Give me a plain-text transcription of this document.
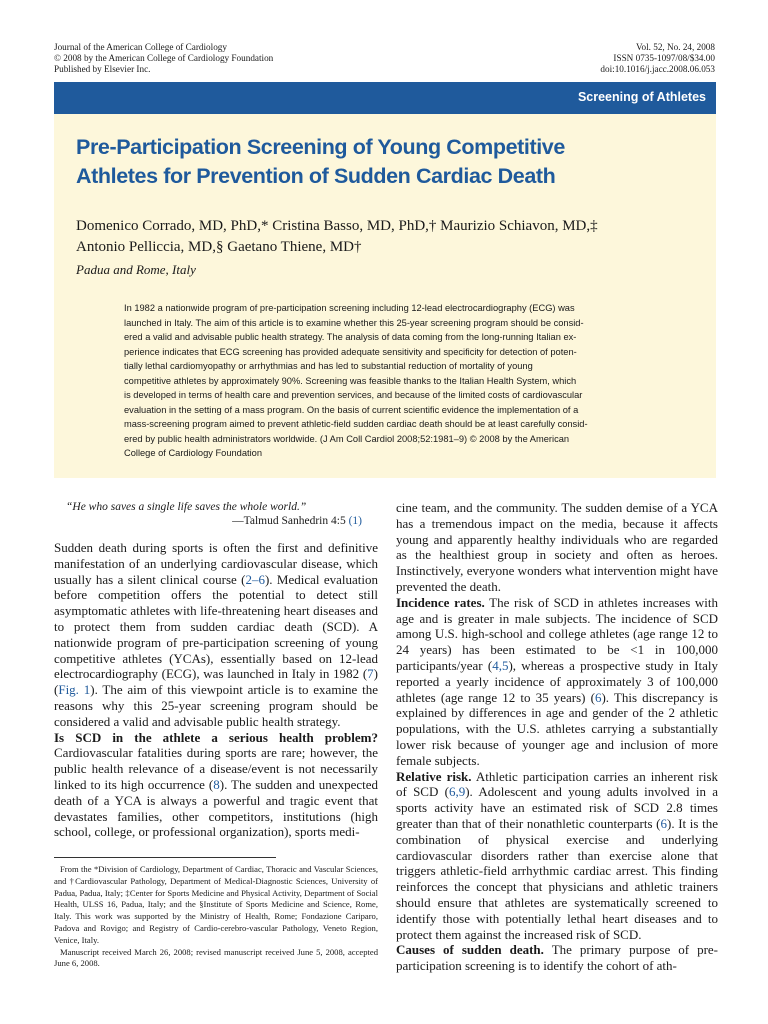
Journal of the American College of Cardiology
© 2008 by the American College of Cardiology Foundation
Published by Elsevier Inc.
Vol. 52, No. 24, 2008
ISSN 0735-1097/08/$34.00
doi:10.1016/j.jacc.2008.06.053
Screening of Athletes
Pre-Participation Screening of Young Competitive
Athletes for Prevention of Sudden Cardiac Death
Domenico Corrado, MD, PhD,* Cristina Basso, MD, PhD,† Maurizio Schiavon, MD,‡
Antonio Pelliccia, MD,§ Gaetano Thiene, MD†
Padua and Rome, Italy
In 1982 a nationwide program of pre-participation screening including 12-lead electrocardiography (ECG) was
launched in Italy. The aim of this article is to examine whether this 25-year screening program should be consid-
ered a valid and advisable public health strategy. The analysis of data coming from the long-running Italian ex-
perience indicates that ECG screening has provided adequate sensitivity and specificity for detection of poten-
tially lethal cardiomyopathy or arrhythmias and has led to substantial reduction of mortality of young
competitive athletes by approximately 90%. Screening was feasible thanks to the Italian Health System, which
is developed in terms of health care and prevention services, and because of the limited costs of cardiovascular
evaluation in the setting of a mass program. On the basis of current scientific evidence the implementation of a
mass-screening program aimed to prevent athletic-field sudden cardiac death should be at least carefully consid-
ered by public health administrators worldwide. (J Am Coll Cardiol 2008;52:1981–9) © 2008 by the American
College of Cardiology Foundation
“He who saves a single life saves the whole world.”
—Talmud Sanhedrin 4:5 (1)

Sudden death during sports is often the first and definitive manifestation of an underlying cardiovascular disease, which usually has a silent clinical course (2–6). Medical evaluation before competition offers the potential to detect still asymptomatic athletes with life-threatening heart diseases and to protect them from sudden cardiac death (SCD). A nationwide program of pre-participation screening of young competitive athletes (YCAs), essentially based on 12-lead electrocardiography (ECG), was launched in Italy in 1982 (7) (Fig. 1). The aim of this viewpoint article is to examine the reasons why this 25-year screening program should be considered a valid and advisable public health strategy.

Is SCD in the athlete a serious health problem? Cardiovascular fatalities during sports are rare; however, the public health relevance of a disease/event is not necessarily linked to its high occurrence (8). The sudden and unexpected death of a YCA is always a powerful and tragic event that devastates families, other competitors, institutions (high school, college, or professional organization), sports medi-

cine team, and the community. The sudden demise of a YCA has a tremendous impact on the media, because it affects young and apparently healthy individuals who are regarded as the healthiest group in society and often as heroes. Instinctively, everyone wonders what intervention might have prevented the death.

Incidence rates. The risk of SCD in athletes increases with age and is greater in male subjects. The incidence of SCD among U.S. high-school and college athletes (age range 12 to 24 years) has been estimated to be <1 in 100,000 participants/year (4,5), whereas a prospective study in Italy reported a yearly incidence of approximately 3 of 100,000 athletes (age range 12 to 35 years) (6). This discrepancy is explained by differences in age and gender of the 2 athletic populations, with the U.S. athletes carrying a substantially lower risk because of younger age and inclusion of more female subjects.

Relative risk. Athletic participation carries an inherent risk of SCD (6,9). Adolescent and young adults involved in a sports activity have an estimated risk of SCD 2.8 times greater than that of their nonathletic counterparts (6). It is the combination of physical exercise and underlying cardiovascular disorders rather than exercise alone that triggers athletic-field arrhythmic cardiac arrest. This finding reinforces the concept that physicians and athletic trainers should ensure that athletes are systematically screened to identify those with potentially lethal heart diseases and to protect them against the increased risk of SCD.

Causes of sudden death. The primary purpose of pre-participation screening is to identify the cohort of ath-

From the *Division of Cardiology, Department of Cardiac, Thoracic and Vascular Sciences, and †Cardiovascular Pathology, Department of Medical-Diagnostic Sciences, University of Padua, Padua, Italy; ‡Center for Sports Medicine and Physical Activity, Department of Social Health, ULSS 16, Padua, Italy; and the §Institute of Sports Medicine and Science, Rome, Italy. This work was supported by the Ministry of Health, Rome; Fondazione Cariparo, Padova and Rovigo; and Registry of Cardio-cerebro-vascular Pathology, Veneto Region, Venice, Italy.

Manuscript received March 26, 2008; revised manuscript received June 5, 2008, accepted June 6, 2008.
